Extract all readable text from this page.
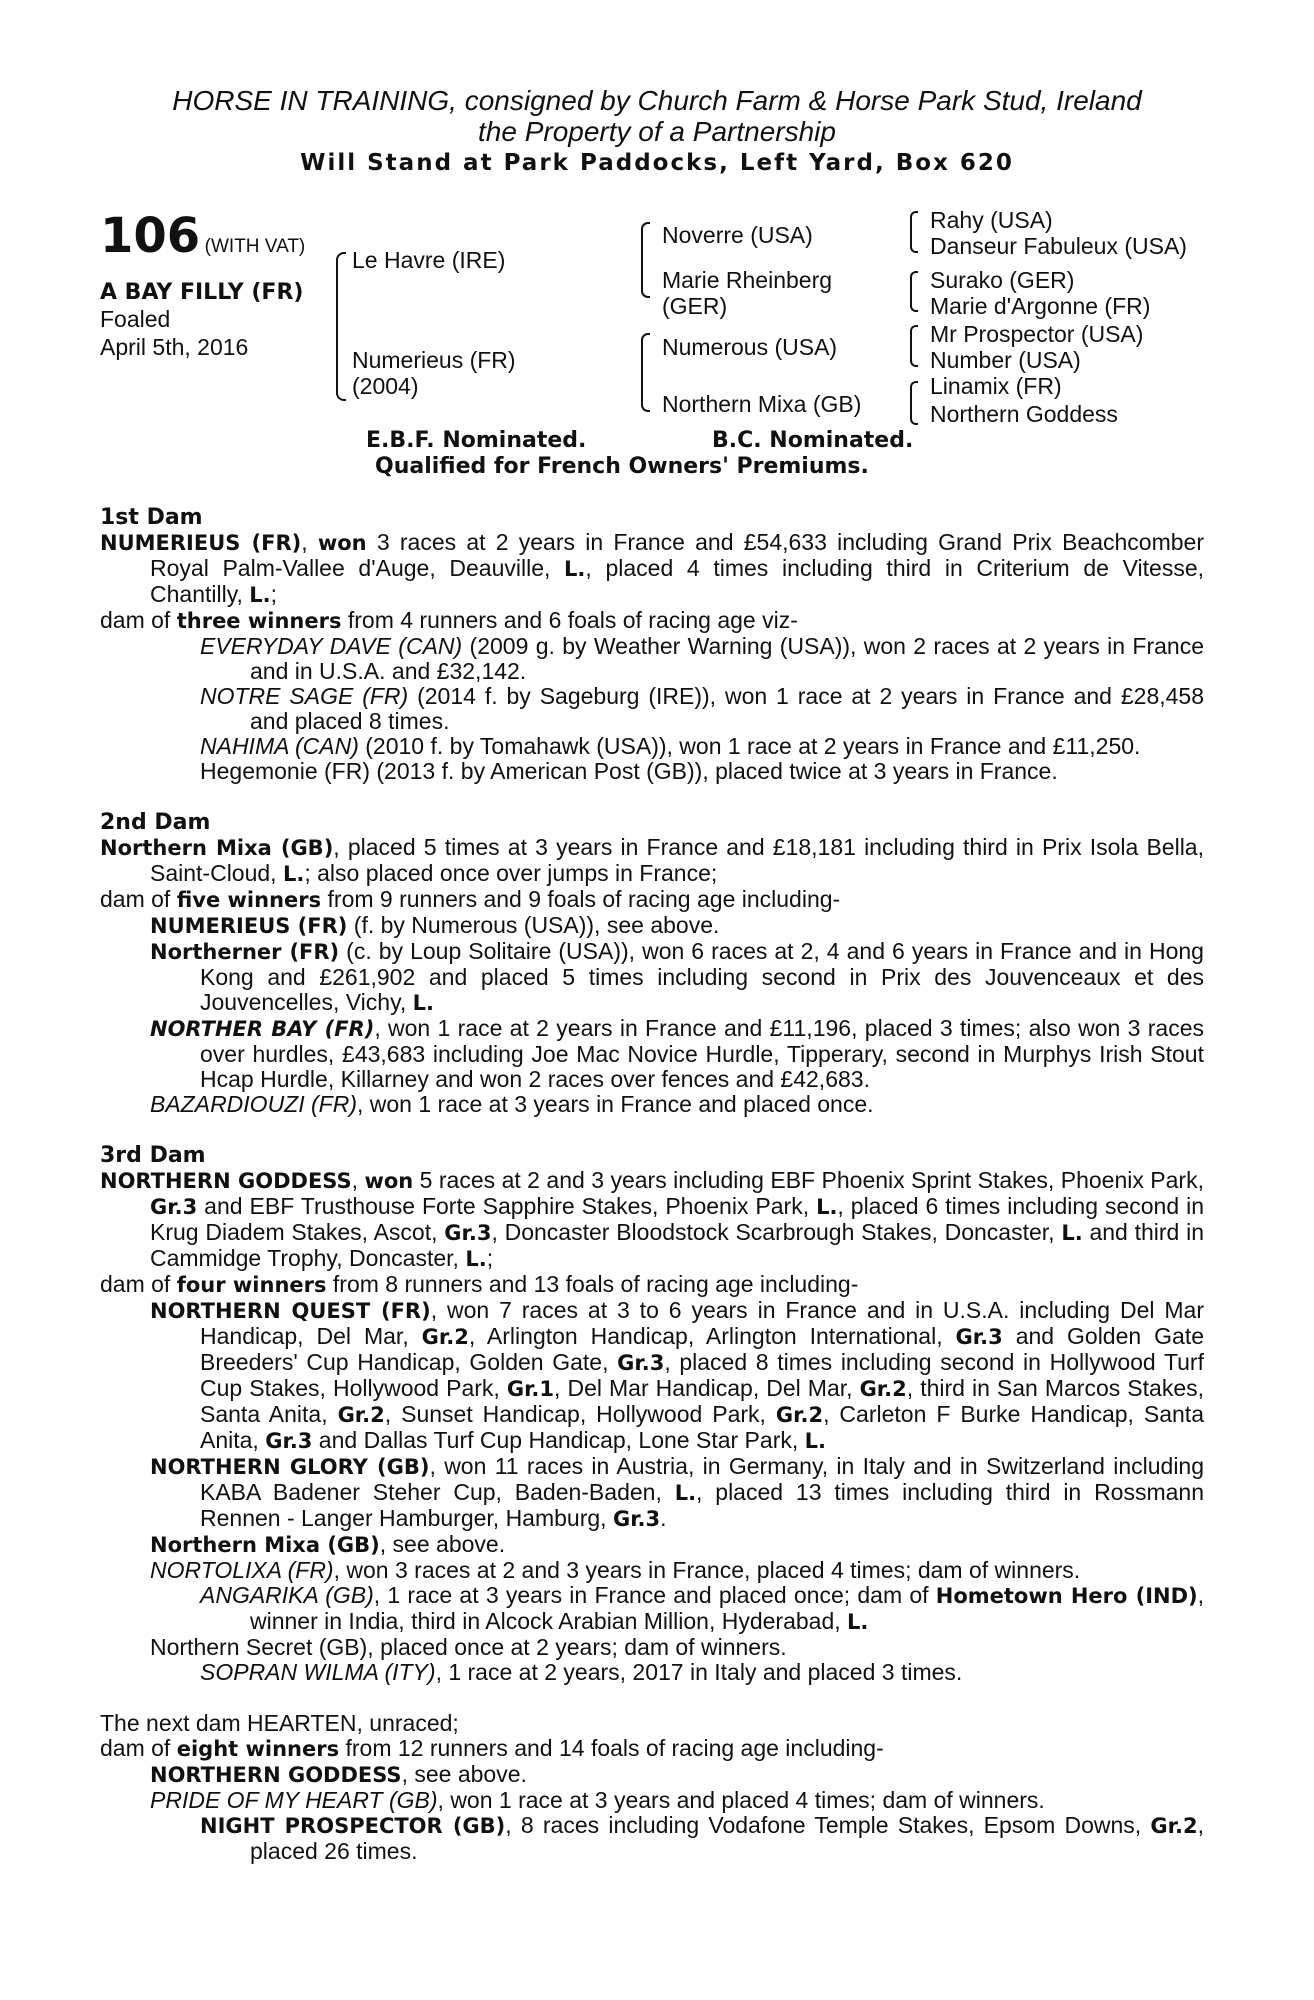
HORSE IN TRAINING, consigned by Church Farm & Horse Park Stud, Ireland
the Property of a Partnership
Will Stand at Park Paddocks, Left Yard, Box 620
106 (WITH VAT)
A BAY FILLY (FR)
Foaled
April 5th, 2016
Le Havre (IRE)
Numerieus (FR)
(2004)
Noverre (USA)
Marie Rheinberg
(GER)
Numerous (USA)
Northern Mixa (GB)
Rahy (USA)
Danseur Fabuleux (USA)
Surako (GER)
Marie d'Argonne (FR)
Mr Prospector (USA)
Number (USA)
Linamix (FR)
Northern Goddess
E.B.F. Nominated.	B.C. Nominated.
Qualified for French Owners' Premiums.
1st Dam
NUMERIEUS (FR), won 3 races at 2 years in France and £54,633 including Grand Prix Beachcomber Royal Palm-Vallee d'Auge, Deauville, L., placed 4 times including third in Criterium de Vitesse, Chantilly, L.;
dam of three winners from 4 runners and 6 foals of racing age viz-
EVERYDAY DAVE (CAN) (2009 g. by Weather Warning (USA)), won 2 races at 2 years in France and in U.S.A. and £32,142.
NOTRE SAGE (FR) (2014 f. by Sageburg (IRE)), won 1 race at 2 years in France and £28,458 and placed 8 times.
NAHIMA (CAN) (2010 f. by Tomahawk (USA)), won 1 race at 2 years in France and £11,250.
Hegemonie (FR) (2013 f. by American Post (GB)), placed twice at 3 years in France.
2nd Dam
Northern Mixa (GB), placed 5 times at 3 years in France and £18,181 including third in Prix Isola Bella, Saint-Cloud, L.; also placed once over jumps in France;
dam of five winners from 9 runners and 9 foals of racing age including-
NUMERIEUS (FR) (f. by Numerous (USA)), see above.
Northerner (FR) (c. by Loup Solitaire (USA)), won 6 races at 2, 4 and 6 years in France and in Hong Kong and £261,902 and placed 5 times including second in Prix des Jouvenceaux et des Jouvencelles, Vichy, L.
NORTHER BAY (FR), won 1 race at 2 years in France and £11,196, placed 3 times; also won 3 races over hurdles, £43,683 including Joe Mac Novice Hurdle, Tipperary, second in Murphys Irish Stout Hcap Hurdle, Killarney and won 2 races over fences and £42,683.
BAZARDIOUZI (FR), won 1 race at 3 years in France and placed once.
3rd Dam
NORTHERN GODDESS, won 5 races at 2 and 3 years including EBF Phoenix Sprint Stakes, Phoenix Park, Gr.3 and EBF Trusthouse Forte Sapphire Stakes, Phoenix Park, L., placed 6 times including second in Krug Diadem Stakes, Ascot, Gr.3, Doncaster Bloodstock Scarbrough Stakes, Doncaster, L. and third in Cammidge Trophy, Doncaster, L.;
dam of four winners from 8 runners and 13 foals of racing age including-
NORTHERN QUEST (FR), won 7 races at 3 to 6 years in France and in U.S.A. including Del Mar Handicap, Del Mar, Gr.2, Arlington Handicap, Arlington International, Gr.3 and Golden Gate Breeders' Cup Handicap, Golden Gate, Gr.3, placed 8 times including second in Hollywood Turf Cup Stakes, Hollywood Park, Gr.1, Del Mar Handicap, Del Mar, Gr.2, third in San Marcos Stakes, Santa Anita, Gr.2, Sunset Handicap, Hollywood Park, Gr.2, Carleton F Burke Handicap, Santa Anita, Gr.3 and Dallas Turf Cup Handicap, Lone Star Park, L.
NORTHERN GLORY (GB), won 11 races in Austria, in Germany, in Italy and in Switzerland including KABA Badener Steher Cup, Baden-Baden, L., placed 13 times including third in Rossmann Rennen - Langer Hamburger, Hamburg, Gr.3.
Northern Mixa (GB), see above.
NORTOLIXA (FR), won 3 races at 2 and 3 years in France, placed 4 times; dam of winners.
ANGARIKA (GB), 1 race at 3 years in France and placed once; dam of Hometown Hero (IND), winner in India, third in Alcock Arabian Million, Hyderabad, L.
Northern Secret (GB), placed once at 2 years; dam of winners.
SOPRAN WILMA (ITY), 1 race at 2 years, 2017 in Italy and placed 3 times.
The next dam HEARTEN, unraced;
dam of eight winners from 12 runners and 14 foals of racing age including-
NORTHERN GODDESS, see above.
PRIDE OF MY HEART (GB), won 1 race at 3 years and placed 4 times; dam of winners.
NIGHT PROSPECTOR (GB), 8 races including Vodafone Temple Stakes, Epsom Downs, Gr.2, placed 26 times.
